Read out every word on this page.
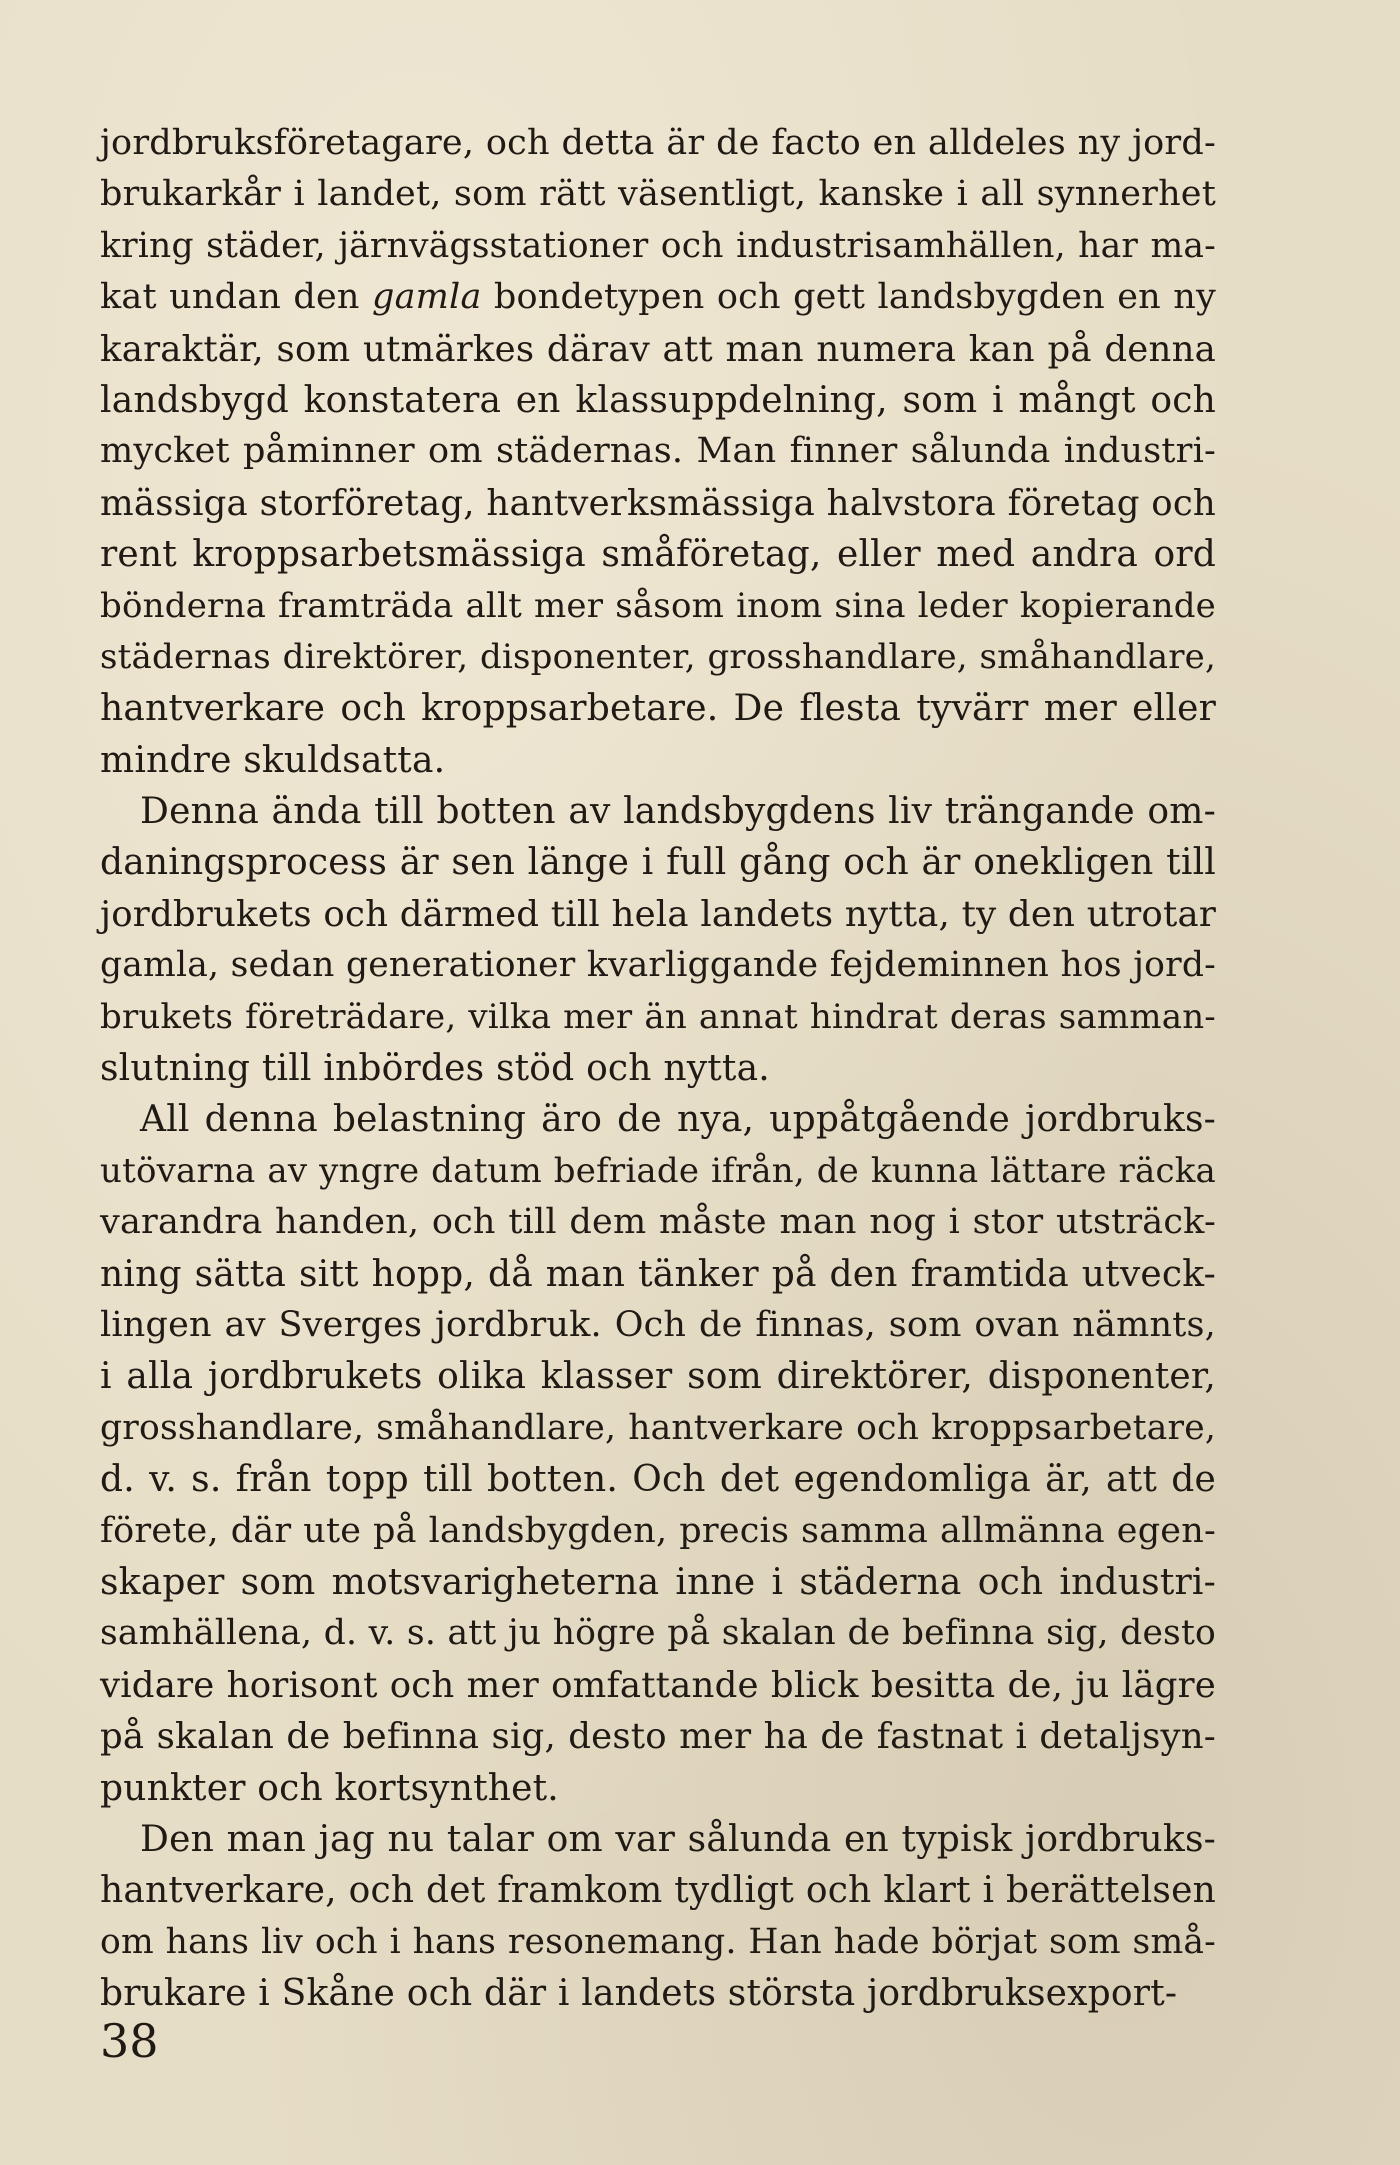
jordbruksföretagare, och detta är de facto en alldeles ny jord-
brukarkår i landet, som rätt väsentligt, kanske i all synnerhet
kring städer, järnvägsstationer och industrisamhällen, har ma-
kat undan den gamla bondetypen och gett landsbygden en ny
karaktär, som utmärkes därav att man numera kan på denna
landsbygd konstatera en klassuppdelning, som i mångt och
mycket påminner om städernas. Man finner sålunda industri-
mässiga storföretag, hantverksmässiga halvstora företag och
rent kroppsarbetsmässiga småföretag, eller med andra ord
bönderna framträda allt mer såsom inom sina leder kopierande
städernas direktörer, disponenter, grosshandlare, småhandlare,
hantverkare och kroppsarbetare. De flesta tyvärr mer eller
mindre skuldsatta.
Denna ända till botten av landsbygdens liv trängande om-
daningsprocess är sen länge i full gång och är onekligen till
jordbrukets och därmed till hela landets nytta, ty den utrotar
gamla, sedan generationer kvarliggande fejdeminnen hos jord-
brukets företrädare, vilka mer än annat hindrat deras samman-
slutning till inbördes stöd och nytta.
All denna belastning äro de nya, uppåtgående jordbruks-
utövarna av yngre datum befriade ifrån, de kunna lättare räcka
varandra handen, och till dem måste man nog i stor utsträck-
ning sätta sitt hopp, då man tänker på den framtida utveck-
lingen av Sverges jordbruk. Och de finnas, som ovan nämnts,
i alla jordbrukets olika klasser som direktörer, disponenter,
grosshandlare, småhandlare, hantverkare och kroppsarbetare,
d. v. s. från topp till botten. Och det egendomliga är, att de
förete, där ute på landsbygden, precis samma allmänna egen-
skaper som motsvarigheterna inne i städerna och industri-
samhällena, d. v. s. att ju högre på skalan de befinna sig, desto
vidare horisont och mer omfattande blick besitta de, ju lägre
på skalan de befinna sig, desto mer ha de fastnat i detaljsyn-
punkter och kortsynthet.
Den man jag nu talar om var sålunda en typisk jordbruks-
hantverkare, och det framkom tydligt och klart i berättelsen
om hans liv och i hans resonemang. Han hade börjat som små-
brukare i Skåne och där i landets största jordbruksexport-
38
